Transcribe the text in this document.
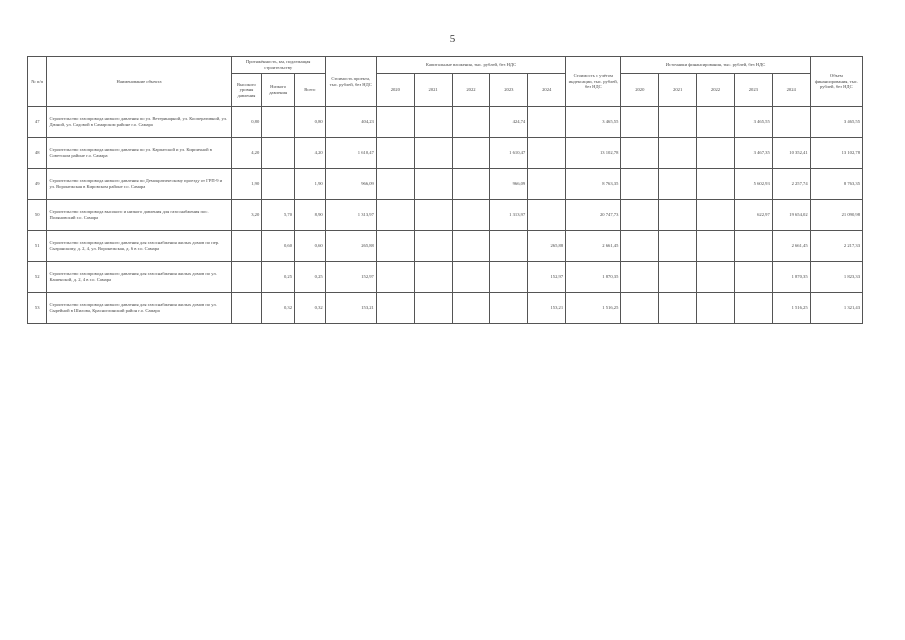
5
№ п/п	Наименование объекта	Протяжённость, км, подлежащая строительству			Стоимость проекта, тыс. рублей, без НДС	Капитальные вложения, тыс. рублей, без НДС					Стоимость с учётом индексации, тыс. рублей, без НДС	Источники финансирования, тыс. рублей, без НДС					Объем финансирования, тыс. рублей, без НДС
		Высокого уровня давления	Низкого давления	Всего		2020	2021	2022	2023	2024		2020	2021	2022	2023	2024	
47	Строительство газопровода низкого давления по ул. Ветеринарной, ул. Кооперативной, ул. Дачной, ул. Садовой в Самарском районе г.о. Самара	0,80		0,80	404,23				424,74		3 465,55				3 465,55		3 465,55
48	Строительство газопровода низкого давления по ул. Карпатской и ул. Кирпичной в Советском районе г.о. Самара	4,20		4,20	1 610,47				1 610,47		13 102,78				3 467,35	10 352,41	13 102,78
49	Строительство газопровода низкого давления по Демократическому проезду от ГРП-9 и ул. Воронежская в Кировском районе г.о. Самара	1,90		1,90	966,09				966,09		8 763,35				5 602,93	2 257,74	8 763,35
50	Строительство газопровода высокого и низкого давления для газоснабжения пос. Поляновский г.о. Самара	3,20	5,70	8,90	1 313,97				1 313,97		20 747,73				622,97	19 654,02	21 090,98
51	Строительство газопровода низкого давления для газоснабжения жилых домов по пер. Сызранскому, д. 2, 4, ул. Воронежская, д. 6 в г.о. Самара		0,60	0,60	265,88					265,88	2 661,45					2 661,45	2 217,33
52	Строительство газопровода низкого давления для газоснабжения жилых домов по ул. Кашенской, д. 2, 4 в г.о. Самара		0,25	0,25	152,97					152,97	1 870,35					1 870,35	1 823,33
53	Строительство газопровода низкого давления для газоснабжения жилых домов по ул. Сырейной в Шилова, Красноглинский район г.о. Самара		0,32	0,32	153,21					153,21	1 516,25					1 516,25	1 321,43
